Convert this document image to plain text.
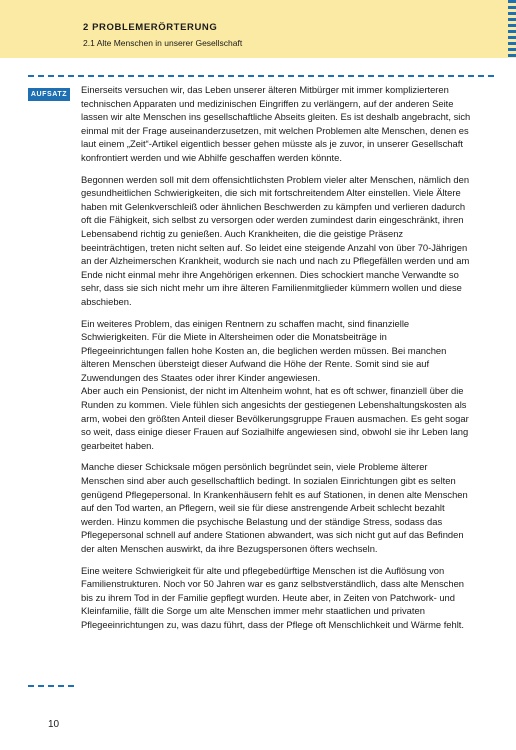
2 PROBLEMERÖRTERUNG
2.1 Alte Menschen in unserer Gesellschaft
AUFSATZ	Einerseits versuchen wir, das Leben unserer älteren Mitbürger mit immer komplizierteren technischen Apparaten und medizinischen Eingriffen zu verlängern, auf der anderen Seite lassen wir alte Menschen ins gesellschaftliche Abseits gleiten. Es ist deshalb angebracht, sich einmal mit der Frage auseinanderzusetzen, mit welchen Problemen alte Menschen, denen es laut einem „Zeit“-Artikel eigentlich besser gehen müsste als je zuvor, in unserer Gesellschaft konfrontiert werden und wie Abhilfe geschaffen werden könnte.

Begonnen werden soll mit dem offensichtlichsten Problem vieler alter Menschen, nämlich den gesundheitlichen Schwierigkeiten, die sich mit fortschreitendem Alter einstellen. Viele Ältere haben mit Gelenkverschleiß oder ähnlichen Beschwerden zu kämpfen und verlieren dadurch oft die Fähigkeit, sich selbst zu versorgen oder werden zumindest darin eingeschränkt, ihren Lebensabend richtig zu genießen. Auch Krankheiten, die die geistige Präsenz beeinträchtigen, treten nicht selten auf. So leidet eine steigende Anzahl von über 70-Jährigen an der Alzheimerschen Krankheit, wodurch sie nach und nach zu Pflegefällen werden und am Ende nicht einmal mehr ihre Angehörigen erkennen. Dies schockiert manche Verwandte so sehr, dass sie sich nicht mehr um ihre älteren Familienmitglieder kümmern wollen und diese abschieben.

Ein weiteres Problem, das einigen Rentnern zu schaffen macht, sind finanzielle Schwierigkeiten. Für die Miete in Altersheimen oder die Monatsbeiträge in Pflegeeinrichtungen fallen hohe Kosten an, die beglichen werden müssen. Bei manchen älteren Menschen übersteigt dieser Aufwand die Höhe der Rente. Somit sind sie auf Zuwendungen des Staates oder ihrer Kinder angewiesen.

Aber auch ein Pensionist, der nicht im Altenheim wohnt, hat es oft schwer, finanziell über die Runden zu kommen. Viele fühlen sich angesichts der gestiegenen Lebenshaltungskosten als arm, wobei den größten Anteil dieser Bevölkerungsgruppe Frauen ausmachen. Es geht sogar so weit, dass einige dieser Frauen auf Sozialhilfe angewiesen sind, obwohl sie ihr Leben lang gearbeitet haben.

Manche dieser Schicksale mögen persönlich begründet sein, viele Probleme älterer Menschen sind aber auch gesellschaftlich bedingt. In sozialen Einrichtungen gibt es selten genügend Pflegepersonal. In Krankenhäusern fehlt es auf Stationen, in denen alte Menschen auf den Tod warten, an Pflegern, weil sie für diese anstrengende Arbeit schlecht bezahlt werden. Hinzu kommen die psychische Belastung und der ständige Stress, sodass das Pflegepersonal schnell auf andere Stationen abwandert, was sich nicht gut auf das Befinden der alten Menschen auswirkt, da ihre Bezugspersonen öfters wechseln.

Eine weitere Schwierigkeit für alte und pflegebedürftige Menschen ist die Auflösung von Familienstrukturen. Noch vor 50 Jahren war es ganz selbstverständlich, dass alte Menschen bis zu ihrem Tod in der Familie gepflegt wurden. Heute aber, in Zeiten von Patchwork- und Kleinfamilie, fällt die Sorge um alte Menschen immer mehr staatlichen und privaten Pflegeeinrichtungen zu, was dazu führt, dass der Pflege oft Menschlichkeit und Wärme fehlt.

10
